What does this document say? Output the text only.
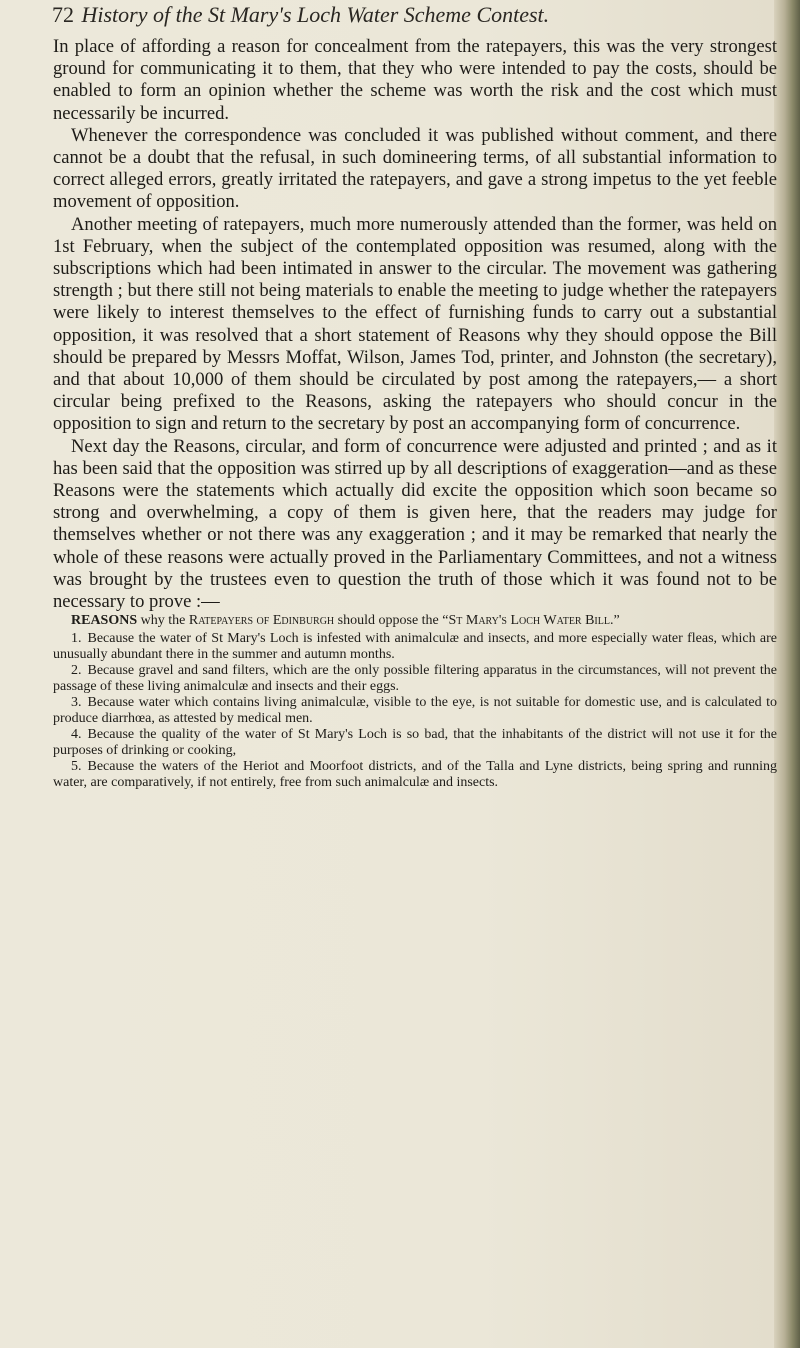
72 History of the St Mary's Loch Water Scheme Contest.

In place of affording a reason for concealment from the ratepayers, this was the very strongest ground for communicating it to them, that they who were intended to pay the costs, should be enabled to form an opinion whether the scheme was worth the risk and the cost which must necessarily be incurred.

Whenever the correspondence was concluded it was published without comment, and there cannot be a doubt that the refusal, in such domineering terms, of all substantial information to correct alleged errors, greatly irritated the ratepayers, and gave a strong impetus to the yet feeble movement of opposition.

Another meeting of ratepayers, much more numerously attended than the former, was held on 1st February, when the subject of the contemplated opposition was resumed, along with the subscriptions which had been intimated in answer to the circular. The movement was gathering strength ; but there still not being materials to enable the meeting to judge whether the ratepayers were likely to interest themselves to the effect of furnishing funds to carry out a substantial opposition, it was resolved that a short statement of Reasons why they should oppose the Bill should be prepared by Messrs Moffat, Wilson, James Tod, printer, and Johnston (the secretary), and that about 10,000 of them should be circulated by post among the ratepayers,— a short circular being prefixed to the Reasons, asking the ratepayers who should concur in the opposition to sign and return to the secretary by post an accompanying form of concurrence.

Next day the Reasons, circular, and form of concurrence were adjusted and printed ; and as it has been said that the opposition was stirred up by all descriptions of exaggeration—and as these Reasons were the statements which actually did excite the opposition which soon became so strong and overwhelming, a copy of them is given here, that the readers may judge for themselves whether or not there was any exaggeration ; and it may be remarked that nearly the whole of these reasons were actually proved in the Parliamentary Committees, and not a witness was brought by the trustees even to question the truth of those which it was found not to be necessary to prove :—

REASONS why the Ratepayers of Edinburgh should oppose the “St Mary's Loch Water Bill.”

1. Because the water of St Mary's Loch is infested with animalculæ and insects, and more especially water fleas, which are unusually abundant there in the summer and autumn months.
2. Because gravel and sand filters, which are the only possible filtering apparatus in the circumstances, will not prevent the passage of these living animalculæ and insects and their eggs.
3. Because water which contains living animalculæ, visible to the eye, is not suitable for domestic use, and is calculated to produce diarrhœa, as attested by medical men.
4. Because the quality of the water of St Mary's Loch is so bad, that the inhabitants of the district will not use it for the purposes of drinking or cooking,
5. Because the waters of the Heriot and Moorfoot districts, and of the Talla and Lyne districts, being spring and running water, are comparatively, if not entirely, free from such animalculæ and insects.
